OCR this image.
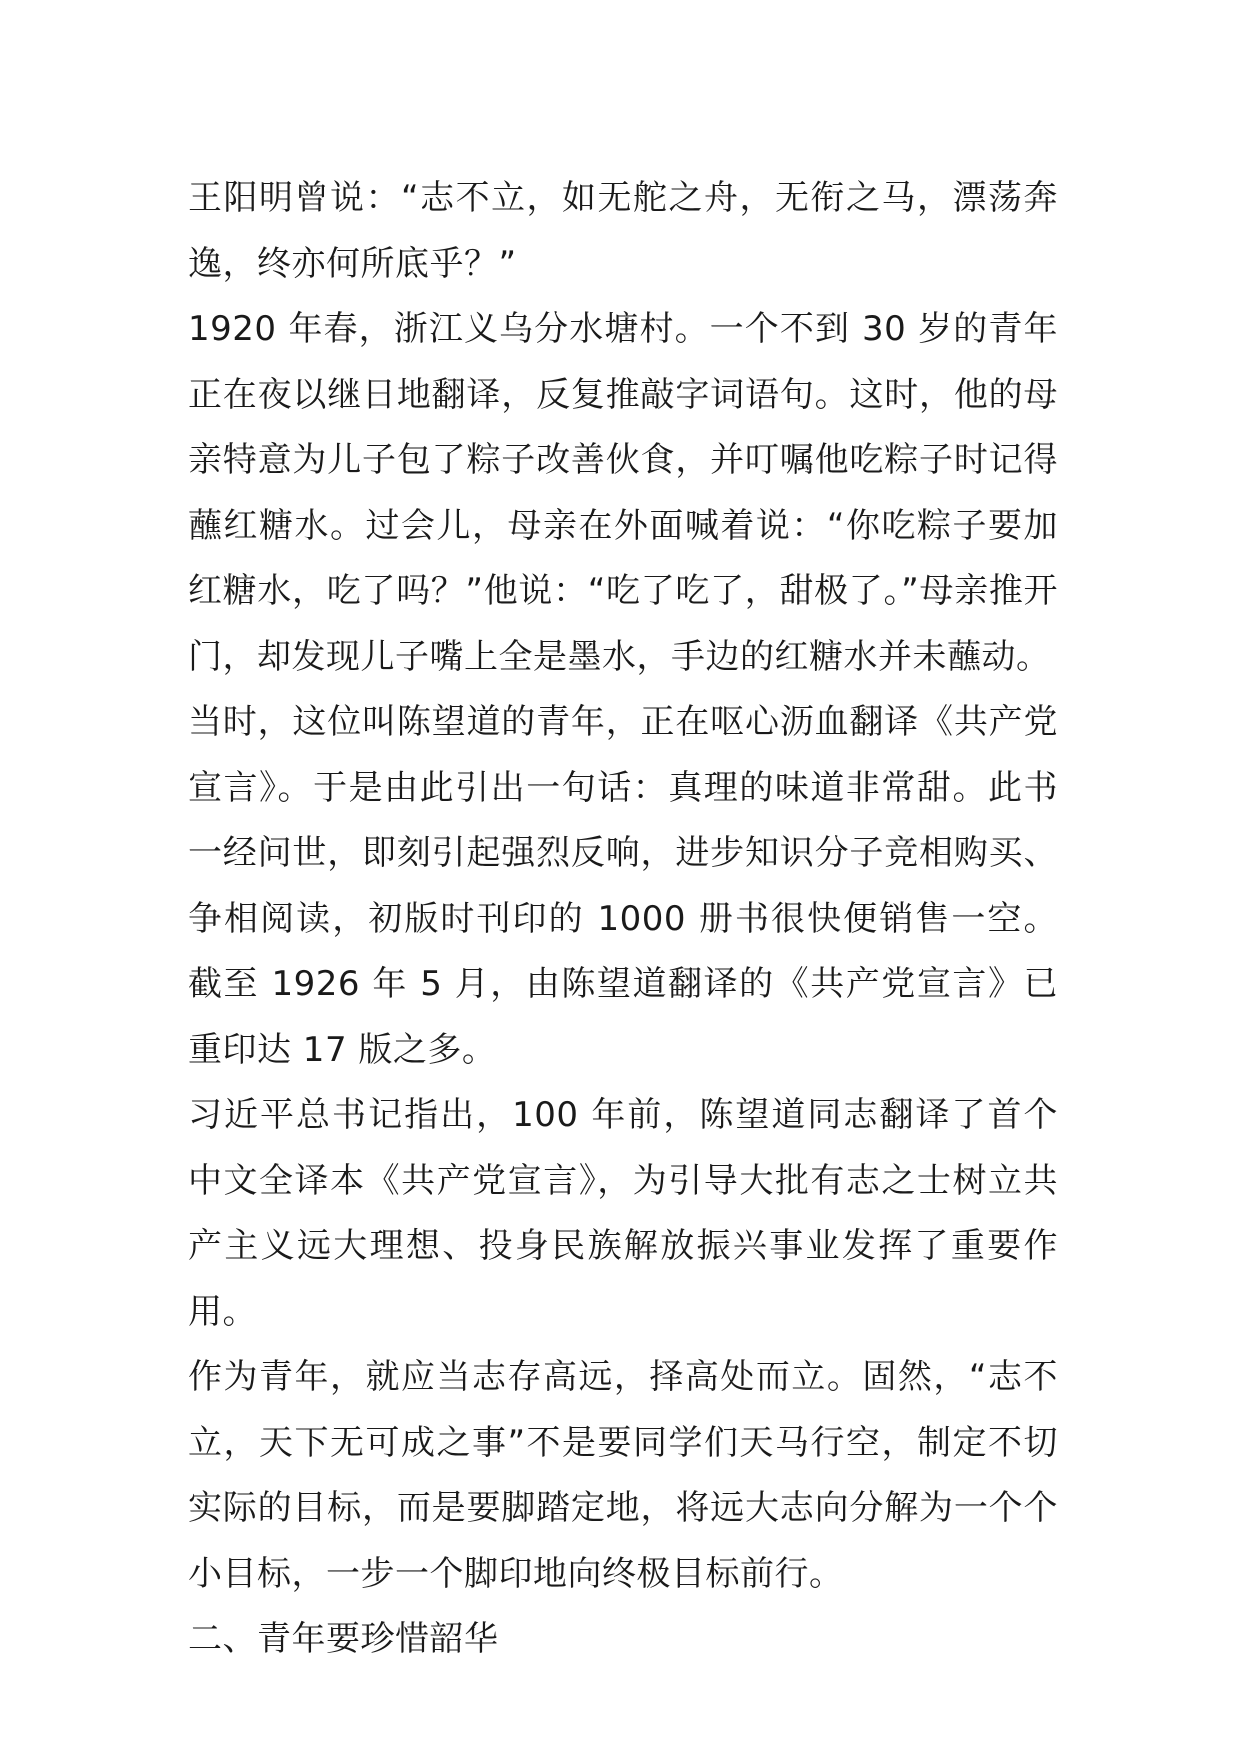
王阳明曾说：“志不立，如无舵之舟，无衔之马，漂荡奔逸，终亦何所底乎？”

1920 年春，浙江义乌分水塘村。一个不到 30 岁的青年正在夜以继日地翻译，反复推敲字词语句。这时，他的母亲特意为儿子包了粽子改善伙食，并叮嘱他吃粽子时记得蘸红糖水。过会儿，母亲在外面喊着说：“你吃粽子要加红糖水，吃了吗？”他说：“吃了吃了，甜极了。”母亲推开门，却发现儿子嘴上全是墨水，手边的红糖水并未蘸动。

当时，这位叫陈望道的青年，正在呕心沥血翻译《共产党宣言》。于是由此引出一句话：真理的味道非常甜。此书一经问世，即刻引起强烈反响，进步知识分子竞相购买、争相阅读，初版时刊印的 1000 册书很快便销售一空。截至 1926 年 5 月，由陈望道翻译的《共产党宣言》已重印达 17 版之多。

习近平总书记指出，100 年前，陈望道同志翻译了首个中文全译本《共产党宣言》，为引导大批有志之士树立共产主义远大理想、投身民族解放振兴事业发挥了重要作用。

作为青年，就应当志存高远，择高处而立。固然，“志不立，天下无可成之事”不是要同学们天马行空，制定不切实际的目标，而是要脚踏定地，将远大志向分解为一个个小目标，一步一个脚印地向终极目标前行。

二、青年要珍惜韶华
